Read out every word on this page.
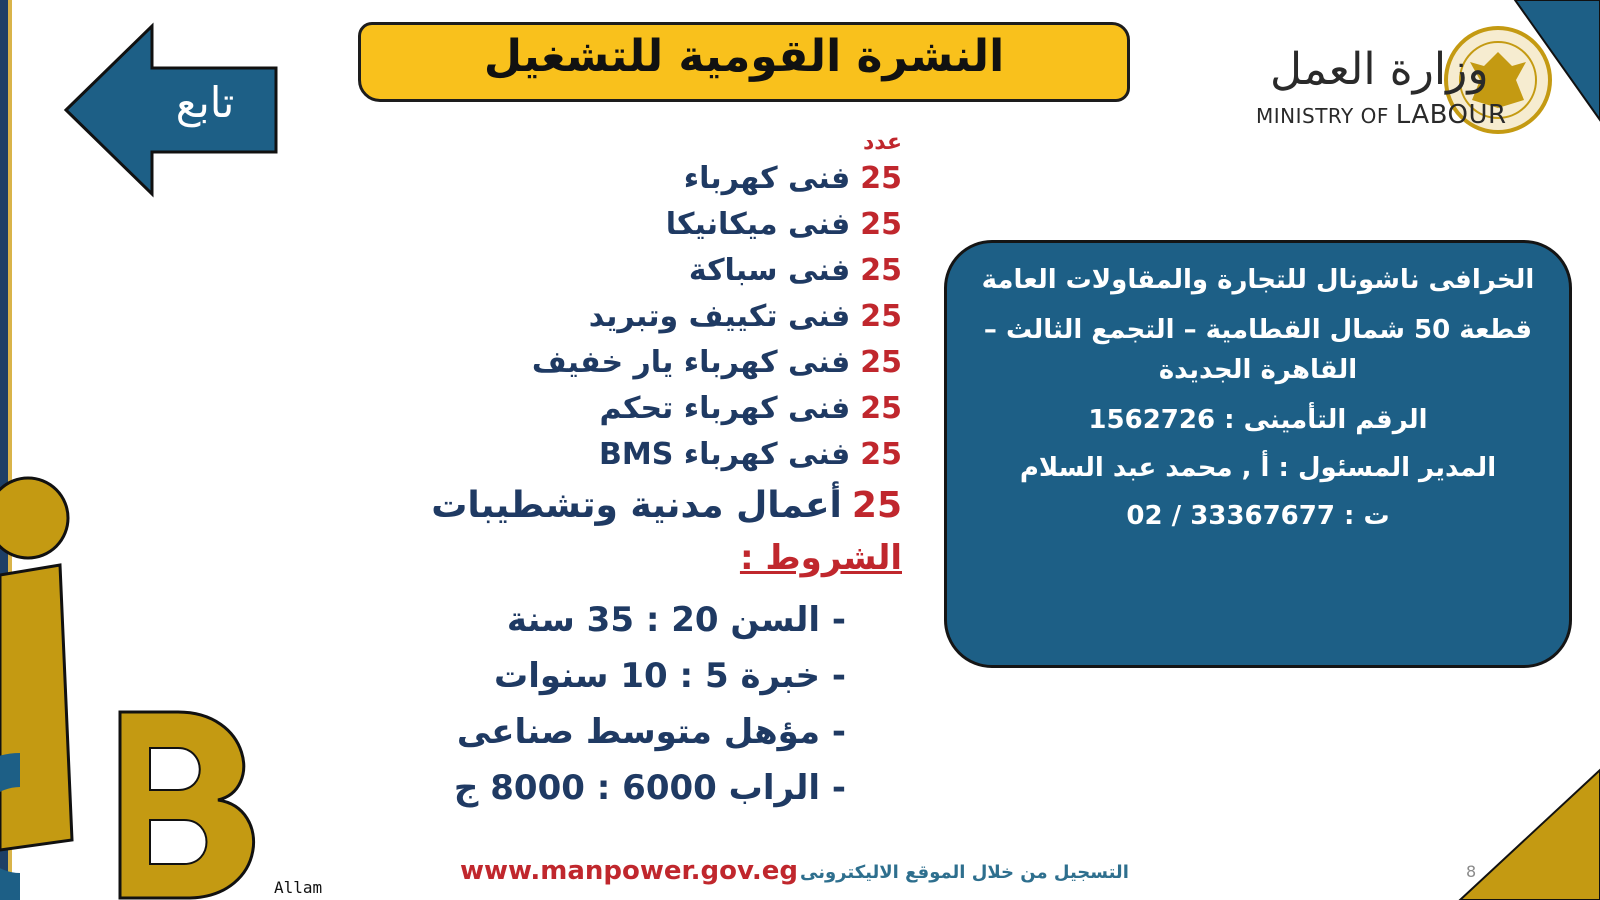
تابع
النشرة القومية للتشغيل	وزارة العمل
MINISTRY OF LABOUR
عدد
25فنى كهرباء
25فنى ميكانيكا
25فنى سباكة
25فنى تكييف وتبريد
25فنى كهرباء يار خفيف
25فنى كهرباء تحكم
25فنى كهرباء BMS
25أعمال مدنية وتشطيبات
الشروط :
- السن 20 : 35 سنة
- خبرة 5 : 10 سنوات
- مؤهل متوسط صناعى
- الراب 6000 : 8000 ج
الخرافى ناشونال للتجارة والمقاولات العامة
قطعة 50 شمال القطامية – التجمع الثالث –
القاهرة الجديدة
الرقم التأمينى : 1562726
المدير المسئول : أ , محمد عبد السلام
ت : 33367677 / 02
www.manpower.gov.eg التسجيل من خلال الموقع الاليكترونى	8
Allam
